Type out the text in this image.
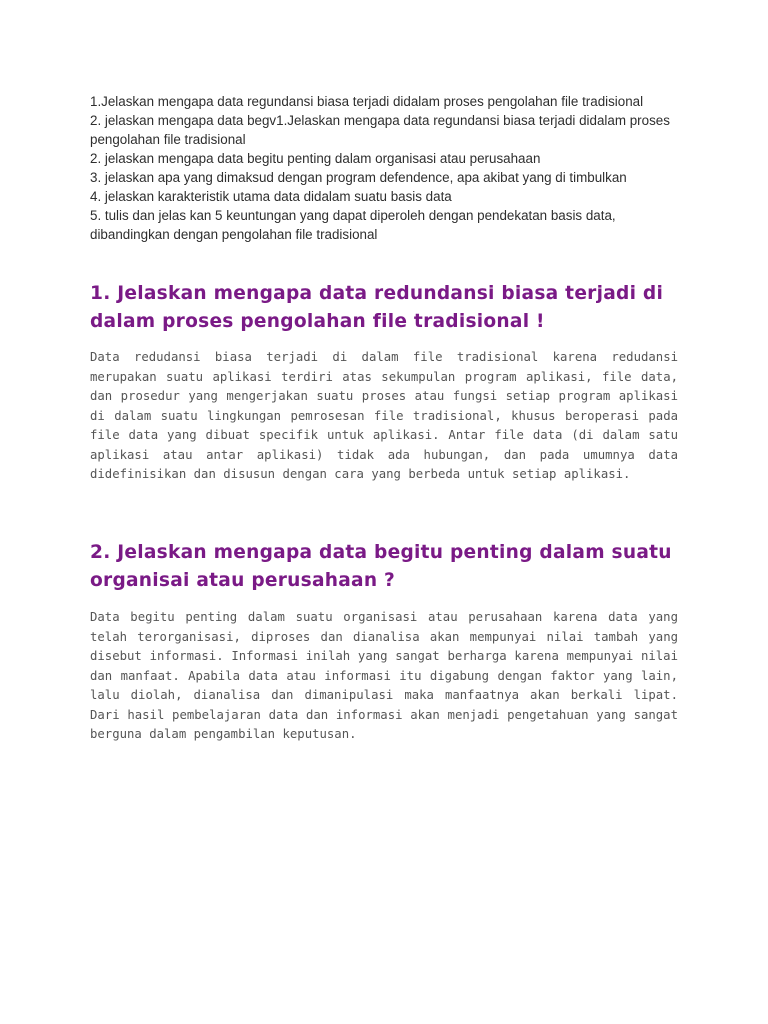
1.Jelaskan mengapa data regundansi biasa terjadi didalam proses pengolahan file tradisional

2. jelaskan mengapa data begv1.Jelaskan mengapa data regundansi biasa terjadi didalam proses pengolahan file tradisional

2. jelaskan mengapa data begitu penting dalam organisasi atau perusahaan

3. jelaskan apa yang dimaksud dengan program defendence, apa akibat yang di timbulkan

4. jelaskan karakteristik utama data didalam suatu basis data

5. tulis dan jelas kan 5 keuntungan yang dapat diperoleh dengan pendekatan basis data, dibandingkan dengan pengolahan file tradisional

1. Jelaskan mengapa data redundansi biasa terjadi di dalam proses pengolahan file tradisional !

Data redudansi biasa terjadi di dalam file tradisional karena redudansi merupakan suatu aplikasi terdiri atas sekumpulan program aplikasi, file data, dan prosedur yang mengerjakan suatu proses atau fungsi setiap program aplikasi di dalam suatu lingkungan pemrosesan file tradisional, khusus beroperasi pada file data yang dibuat specifik untuk aplikasi. Antar file data (di dalam satu aplikasi atau antar aplikasi) tidak ada hubungan, dan pada umumnya data didefinisikan dan disusun dengan cara yang berbeda untuk setiap aplikasi.

2. Jelaskan mengapa data begitu penting dalam suatu organisai atau perusahaan ?

Data begitu penting dalam suatu organisasi atau perusahaan karena data yang telah terorganisasi, diproses dan dianalisa akan mempunyai nilai tambah yang disebut informasi. Informasi inilah yang sangat berharga karena mempunyai nilai dan manfaat. Apabila data atau informasi itu digabung dengan faktor yang lain, lalu diolah, dianalisa dan dimanipulasi maka manfaatnya akan berkali lipat. Dari hasil pembelajaran data dan informasi akan menjadi pengetahuan yang sangat berguna dalam pengambilan keputusan.
